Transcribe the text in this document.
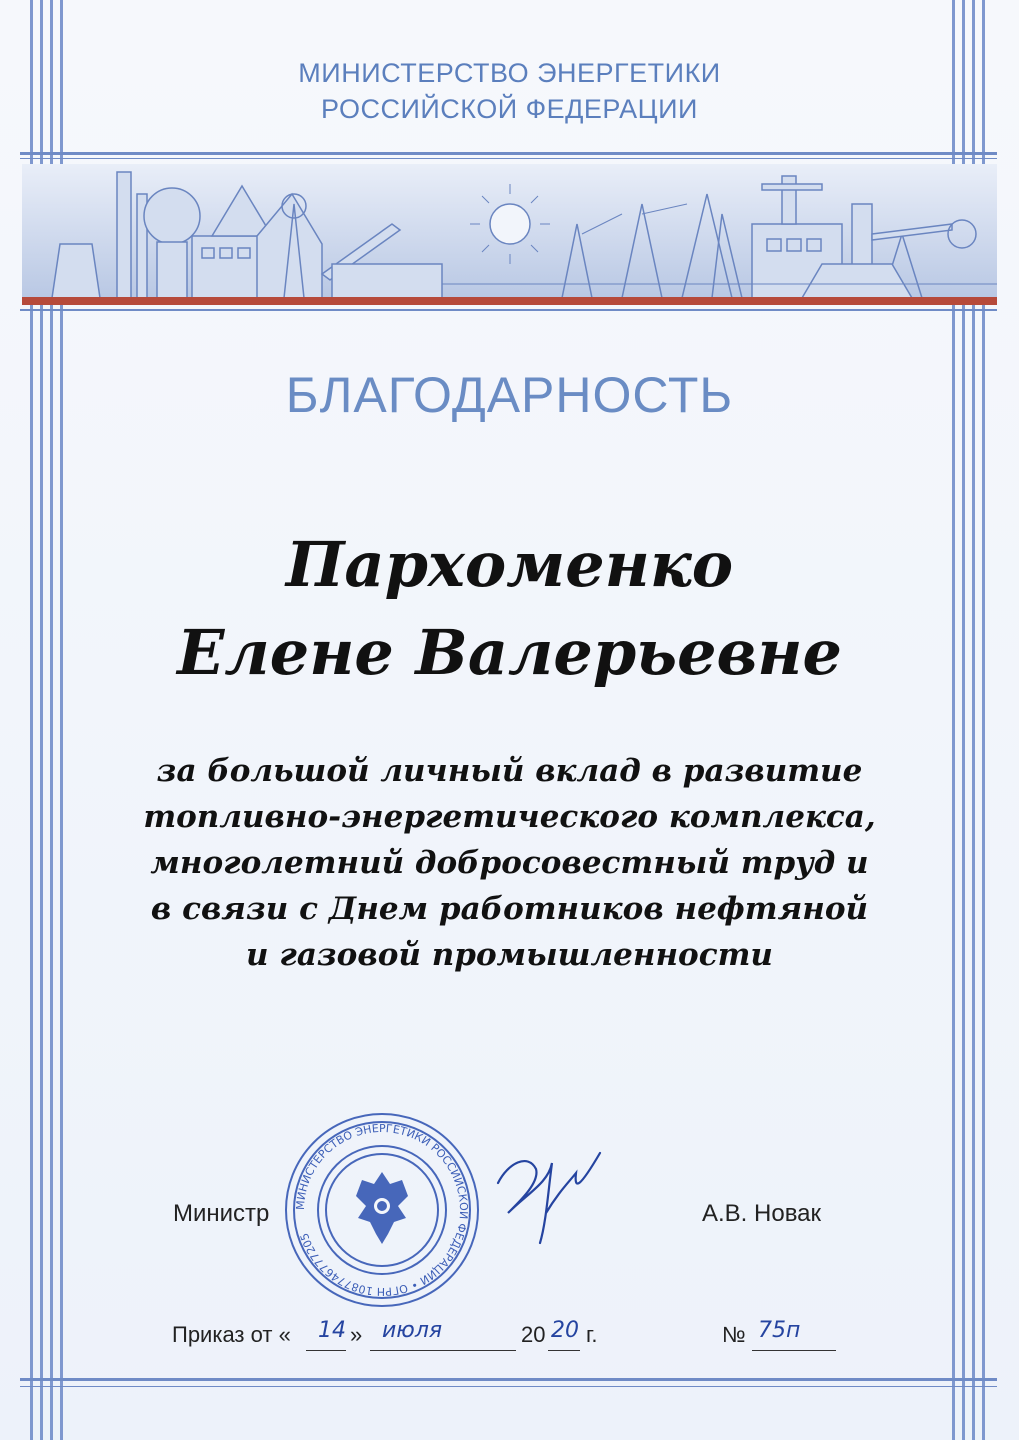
МИНИСТЕРСТВО ЭНЕРГЕТИКИ
РОССИЙСКОЙ ФЕДЕРАЦИИ
БЛАГОДАРНОСТЬ
Пархоменко
Елене Валерьевне
за большой личный вклад в развитие
топливно-энергетического комплекса,
многолетний добросовестный труд и
в связи с Днем работников нефтяной
и газовой промышленности
Министр	А.В. Новак
МИНИСТЕРСТВО ЭНЕРГЕТИКИ РОССИЙСКОЙ ФЕДЕРАЦИИ • ОГРН 1087746777205
Приказ от « 14 » июля	20 20 г.	№ 75п
